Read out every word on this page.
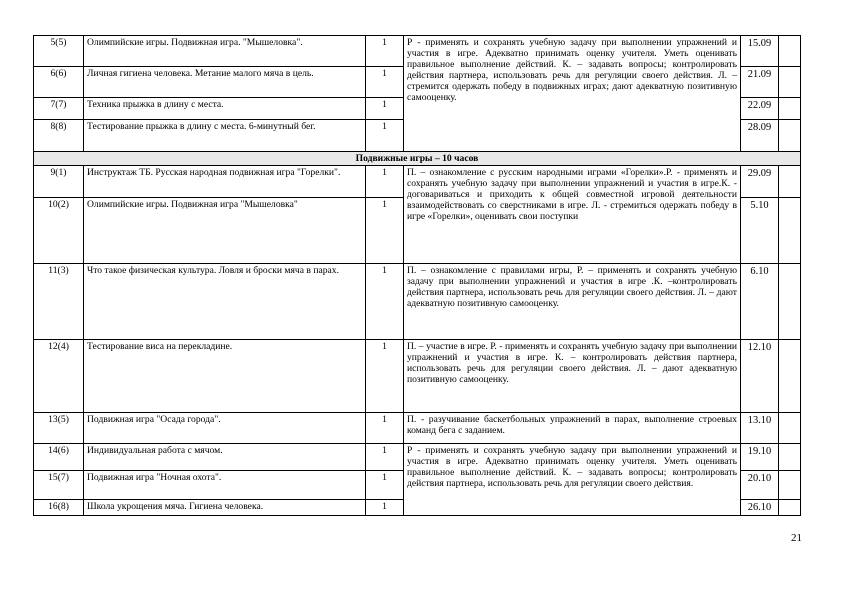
5(5)	Олимпийские игры. Подвижная игра. "Мышеловка".	1	Р - применять и сохранять учебную задачу при выполнении упражнений и участия в игре. Адекватно принимать оценку учителя. Уметь оценивать правильное выполнение действий. К. – задавать вопросы; контролировать действия партнера, использовать речь для регуляции своего действия. Л. –стремится одержать победу в подвижных играх; дают адекватную позитивную самооценку.	15.09	
6(6)	Личная гигиена человека. Метание малого мяча в цель.	1		21.09	
7(7)	Техника прыжка в длину с места.	1		22.09	
8(8)	Тестирование прыжка в длину с места. 6-минутный бег.	1		28.09	
Подвижные игры – 10 часов					
9(1)	Инструктаж ТБ. Русская народная подвижная игра "Горелки".	1	П. – ознакомление с русским народными играми «Горелки».Р. - применять и сохранять учебную задачу при выполнении упражнений и участия в игре.К. - договариваться и приходить к общей совместной игровой деятельности взаимодействовать со сверстниками в игре. Л. - стремиться одержать победу в игре «Горелки», оценивать свои поступки	29.09	
10(2)	Олимпийские игры. Подвижная игра "Мышеловка"	1		5.10	
11(3)	Что такое физическая культура. Ловля и броски мяча в парах.	1	П. – ознакомление с правилами игры, Р. – применять и сохранять учебную задачу при выполнении упражнений и участия в игре .К. –контролировать действия партнера, использовать речь для регуляции своего действия. Л. – дают адекватную позитивную самооценку.	6.10	
12(4)	Тестирование виса на перекладине.	1	П. – участие в игре. Р. - применять и сохранять учебную задачу при выполнении упражнений и участия в игре. К. – контролировать действия партнера, использовать речь для регуляции своего действия. Л. – дают адекватную позитивную самооценку.	12.10	
13(5)	Подвижная игра "Осада города".	1	П. - разучивание баскетбольных упражнений в парах, выполнение строевых команд бега с заданием.	13.10	
14(6)	Индивидуальная работа с мячом.	1	Р - применять и сохранять учебную задачу при выполнении упражнений и участия в игре. Адекватно принимать оценку учителя. Уметь оценивать правильное выполнение действий. К. – задавать вопросы; контролировать действия партнера, использовать речь для регуляции своего действия.	19.10	
15(7)	Подвижная игра "Ночная охота".	1		20.10	
16(8)	Школа укрощения мяча. Гигиена человека.	1		26.10	
21
